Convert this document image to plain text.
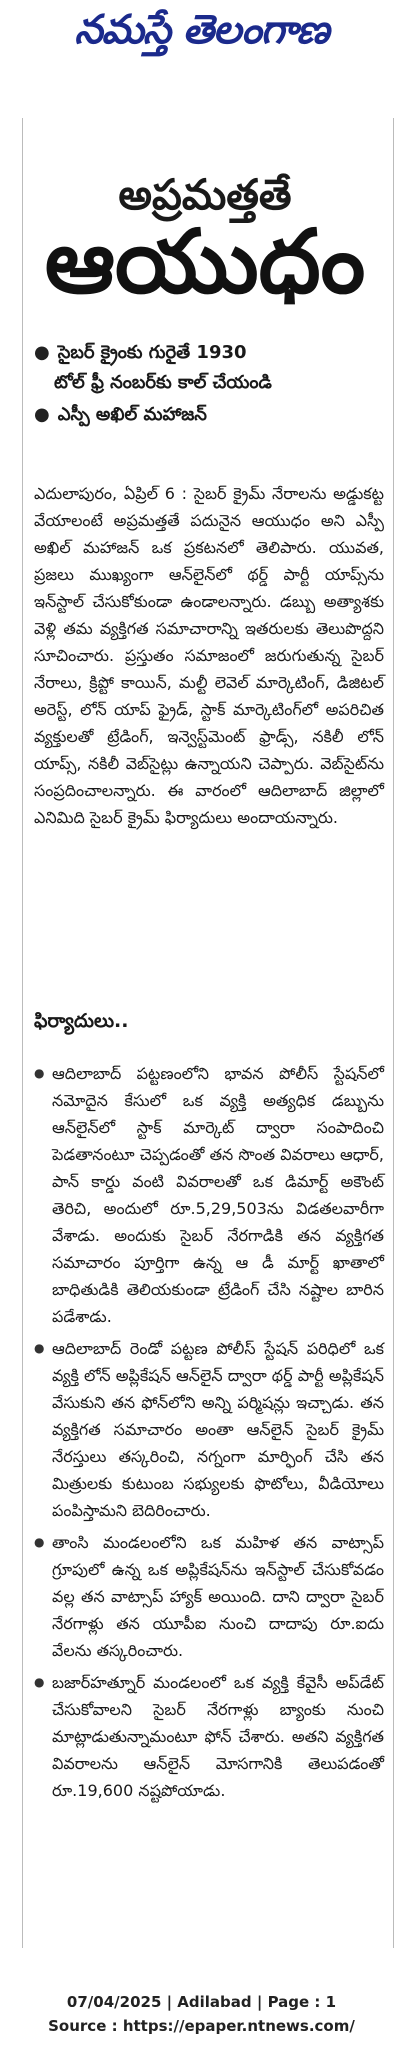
నమస్తే తెలంగాణ
అప్రమత్తతే
ఆయుధం
● సైబర్ క్రైంకు గురైతే 1930
టోల్ ఫ్రీ నంబర్‌కు కాల్ చేయండి
● ఎస్పీ అఖిల్ మహాజన్
ఎదులాపురం, ఏప్రిల్ 6 : సైబర్ క్రైమ్ నేరాలను అడ్డుకట్ట వేయాలంటే అప్రమత్తతే పదునైన ఆయుధం అని ఎస్పీ అఖిల్ మహాజన్ ఒక ప్రకటనలో తెలిపారు. యువత, ప్రజలు ముఖ్యంగా ఆన్‌లైన్‌లో థర్డ్ పార్టీ యాప్స్‌ను ఇన్‌స్టాల్ చేసుకోకుండా ఉండాలన్నారు. డబ్బు అత్యాశకు వెళ్లి తమ వ్యక్తిగత సమాచారాన్ని ఇతరులకు తెలుపొద్దని సూచించారు. ప్రస్తుతం సమాజంలో జరుగుతున్న సైబర్ నేరాలు, క్రిప్టో కాయిన్, మల్టీ లెవెల్ మార్కెటింగ్, డిజిటల్ అరెస్ట్, లోన్ యాప్ ఫ్రైడ్, స్టాక్ మార్కెటింగ్‌లో అపరిచిత వ్యక్తులతో ట్రేడింగ్, ఇన్వెస్ట్‌మెంట్ ఫ్రాడ్స్, నకిలీ లోన్ యాప్స్, నకిలీ వెబ్‌సైట్లు ఉన్నాయని చెప్పారు. వెబ్‌సైట్‌ను సంప్రదించాలన్నారు. ఈ వారంలో ఆదిలాబాద్ జిల్లాలో ఎనిమిది సైబర్ క్రైమ్ ఫిర్యాదులు అందాయన్నారు.
ఫిర్యాదులు..
● ఆదిలాబాద్ పట్టణంలోని భావన పోలీస్ స్టేషన్‌లో నమోదైన కేసులో ఒక వ్యక్తి అత్యధిక డబ్బును ఆన్‌లైన్‌లో స్టాక్ మార్కెట్ ద్వారా సంపాదించి పెడతానంటూ చెప్పడంతో తన సొంత వివరాలు ఆధార్, పాన్ కార్డు వంటి వివరాలతో ఒక డిమార్ట్ అకౌంట్ తెరిచి, అందులో రూ.5,29,503ను విడతలవారీగా వేశాడు. అందుకు సైబర్ నేరగాడికి తన వ్యక్తిగత సమాచారం పూర్తిగా ఉన్న ఆ డీ మార్ట్ ఖాతాలో బాధితుడికి తెలియకుండా ట్రేడింగ్ చేసి నష్టాల బారిన పడేశాడు.
● ఆదిలాబాద్ రెండో పట్టణ పోలీస్ స్టేషన్ పరిధిలో ఒక వ్యక్తి లోన్ అప్లికేషన్ ఆన్‌లైన్ ద్వారా థర్డ్ పార్టీ అప్లికేషన్ వేసుకుని తన ఫోన్‌లోని అన్ని పర్మిషన్లు ఇచ్చాడు. తన వ్యక్తిగత సమాచారం అంతా ఆన్‌లైన్ సైబర్ క్రైమ్ నేరస్తులు తస్కరించి, నగ్నంగా మార్ఫింగ్ చేసి తన మిత్రులకు కుటుంబ సభ్యులకు ఫొటోలు, వీడియోలు పంపిస్తామని బెదిరించారు.
● తాంసి మండలంలోని ఒక మహిళ తన వాట్సాప్ గ్రూపులో ఉన్న ఒక అప్లికేషన్‌ను ఇన్‌స్టాల్ చేసుకోవడం వల్ల తన వాట్సాప్ హ్యాక్ అయింది. దాని ద్వారా సైబర్ నేరగాళ్లు తన యూపీఐ నుంచి దాదాపు రూ.ఐదు వేలను తస్కరించారు.
● బజార్‌హత్నూర్ మండలంలో ఒక వ్యక్తి కేవైసీ అప్‌డేట్ చేసుకోవాలని సైబర్ నేరగాళ్లు బ్యాంకు నుంచి మాట్లాడుతున్నామంటూ ఫోన్ చేశారు. అతని వ్యక్తిగత వివరాలను ఆన్‌లైన్ మోసగానికి తెలుపడంతో రూ.19,600 నష్టపోయాడు.
07/04/2025 | Adilabad | Page : 1
Source : https://epaper.ntnews.com/
